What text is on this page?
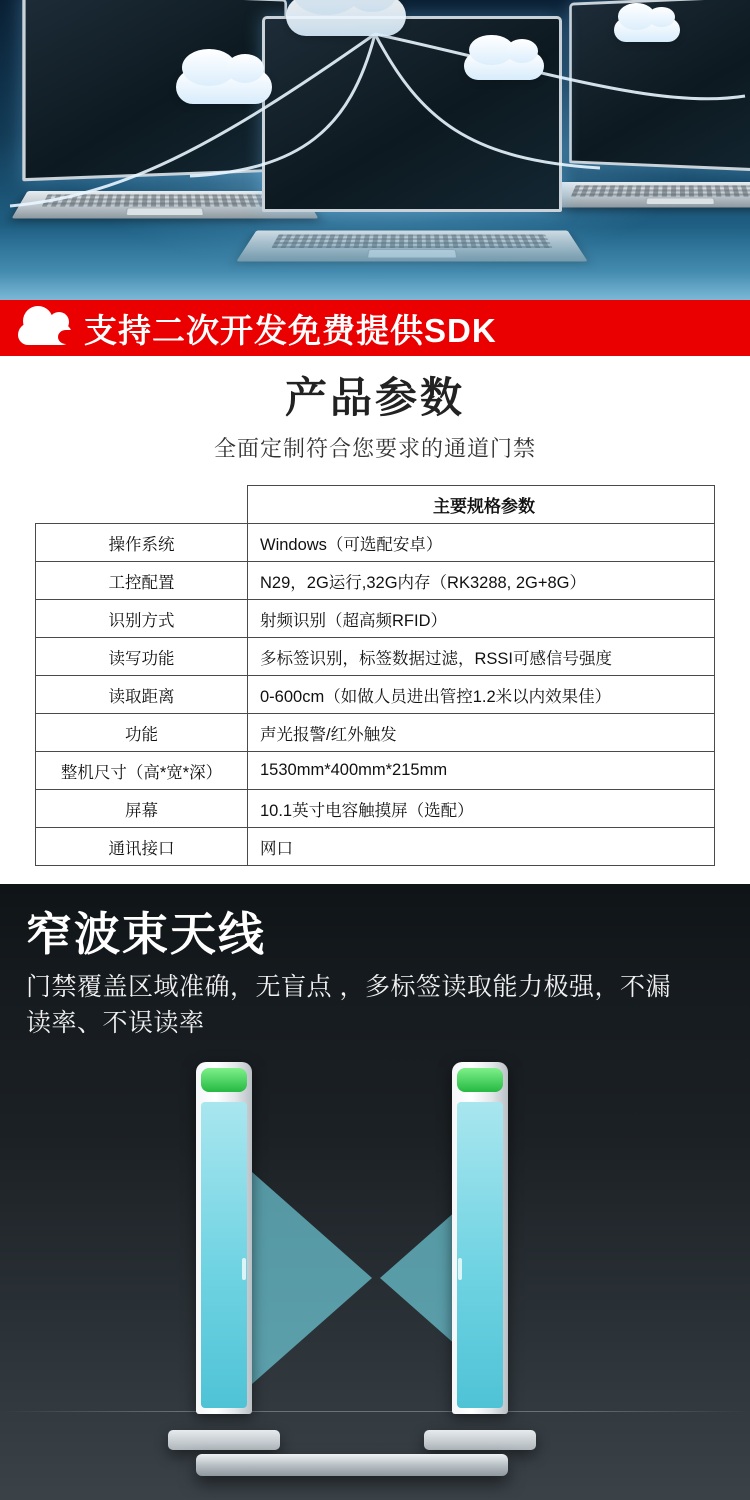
支持二次开发免费提供SDK
产品参数
全面定制符合您要求的通道门禁
	主要规格参数
操作系统	Windows（可选配安卓）
工控配置	N29，2G运行,32G内存（RK3288, 2G+8G）
识别方式	射频识别（超高频RFID）
读写功能	多标签识别，标签数据过滤，RSSI可感信号强度
读取距离	0-600cm（如做人员进出管控1.2米以内效果佳）
功能	声光报警/红外触发
整机尺寸（高*宽*深）	1530mm*400mm*215mm
屏幕	10.1英寸电容触摸屏（选配）
通讯接口	网口
窄波束天线
门禁覆盖区域准确，无盲点 ，多标签读取能力极强，不漏读率、不误读率
